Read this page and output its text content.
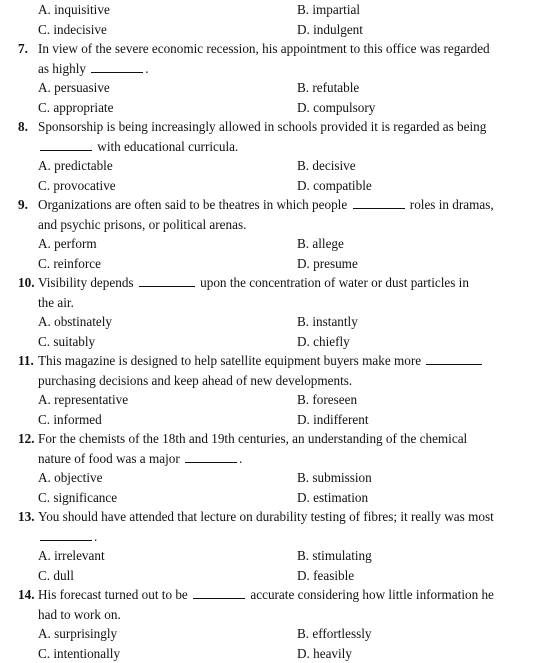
A. inquisitive	B. impartial
C. indecisive	D. indulgent
7. In view of the severe economic recession, his appointment to this office was regarded
as highly	.
A. persuasive	B. refutable
C. appropriate	D. compulsory
8. Sponsorship is being increasingly allowed in schools provided it is regarded as being
with educational curricula.
A. predictable	B. decisive
C. provocative	D. compatible
9. Organizations are often said to be theatres in which people	roles in dramas,
and psychic prisons, or political arenas.
A. perform	B. allege
C. reinforce	D. presume
10. Visibility depends	upon the concentration of water or dust particles in
the air.
A. obstinately	B. instantly
C. suitably	D. chiefly
11. This magazine is designed to help satellite equipment buyers make more
purchasing decisions and keep ahead of new developments.
A. representative	B. foreseen
C. informed	D. indifferent
12. For the chemists of the 18th and 19th centuries, an understanding of the chemical
nature of food was a major	.
A. objective	B. submission
C. significance	D. estimation
13. You should have attended that lecture on durability testing of fibres; it really was most
.
A. irrelevant	B. stimulating
C. dull	D. feasible
14. His forecast turned out to be	accurate considering how little information he
had to work on.
A. surprisingly	B. effortlessly
C. intentionally	D. heavily
